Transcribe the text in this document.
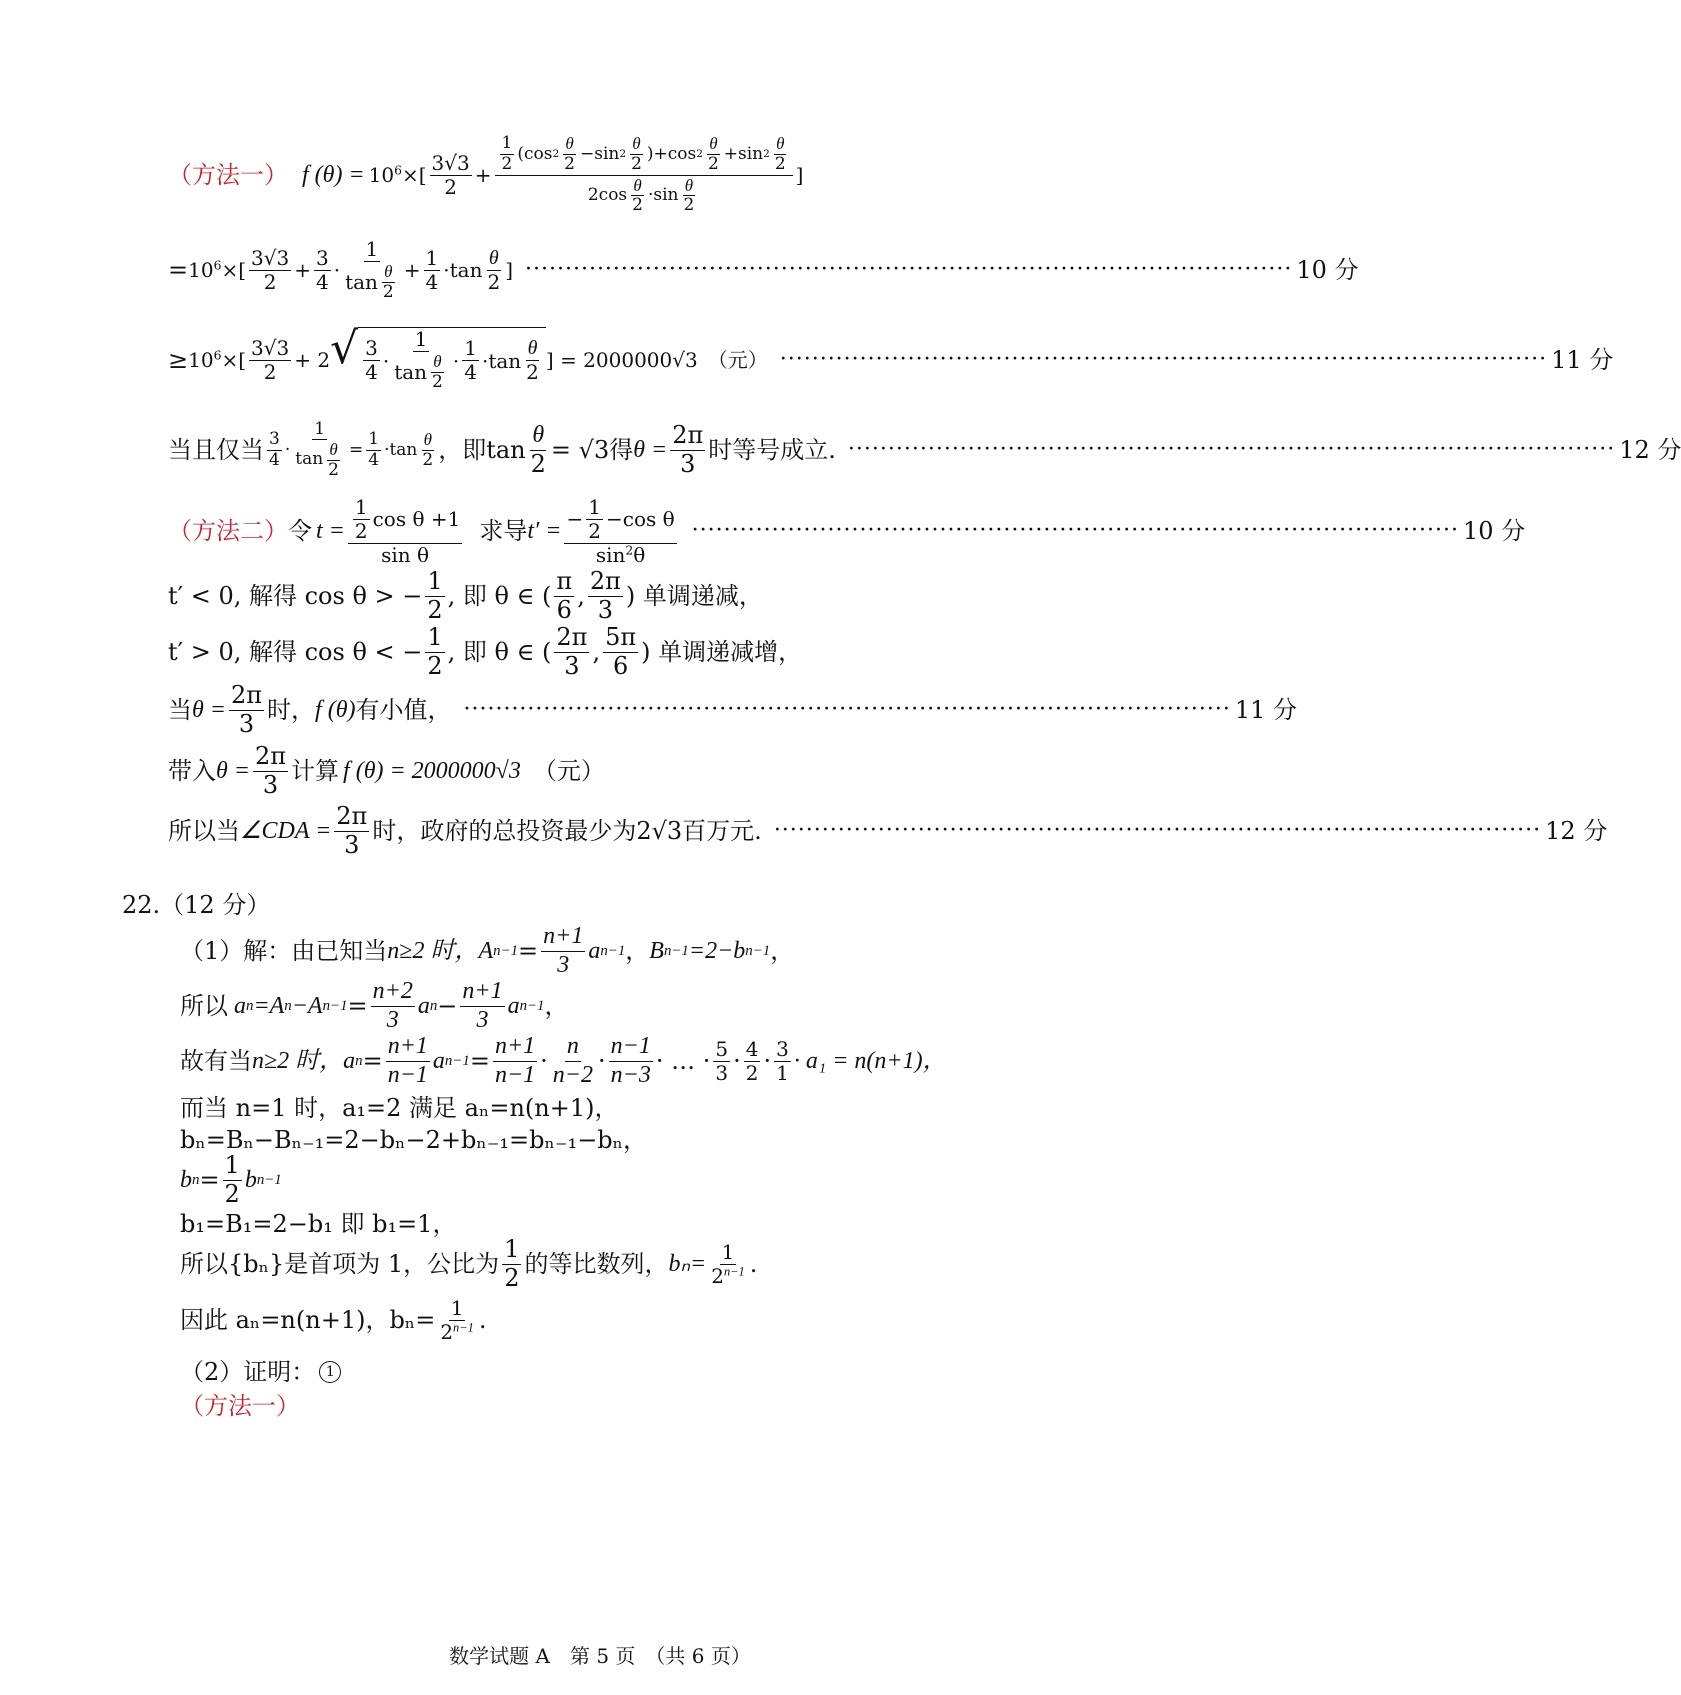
（方法一） f $(\theta) = 10^6$ ×[ $\frac{3√3}{2}$ +
$\frac{1}{2} (\cos$ $2 \frac{\theta}{2} -\sin$ $2 \frac{\theta}{2} )+\cos$ $2 \frac{\theta}{2} +\sin$ $2 \frac{\theta}{2}$
$2\cos \frac{\theta}{2} \cdot\sin \frac{\theta}{2}$
]
= $10^6$ ×[ $\frac{3√3}{2} + \frac{3}{4} \cdot \frac{1}{\tan \frac{\theta}{2}} + \frac{1}{4} \cdot \tan \frac{\theta}{2}$ ] ································································································ 10 分
≥ $10^6$ ×[ $\frac{3√3}{2} + 2$ √ $\frac{3}{4} \cdot \frac{1}{\tan \frac{\theta}{2}} \cdot \frac{1}{4} \cdot \tan \frac{\theta}{2}$ ] = 2000000√3 （元） ································································································ 11 分
当且仅当 $\frac{3}{4} \cdot \frac{1}{\tan \frac{\theta}{2}} = \frac{1}{4} \cdot \tan \frac{\theta}{2}$ ，即 $\tan \frac{\theta}{2} = √3$得 $\theta = \frac{2\pi}{3}$ 时等号成立. ································································································ 12 分
（方法二） 令 $t = \frac{\frac{1}{2} \cos \theta +1}{\text{sin θ}}$ 求导 $t' = \frac{- \frac{1}{2} -\cos \theta}{\sin^2\theta}$ ································································································ 10 分
t′ < 0, 解得 cos θ > − $\frac{1}{2}$ , 即 θ ∈ ( $\frac{\pi}{6}$ , $\frac{2\pi}{3}$ ) 单调递减，
t′ > 0, 解得 cos θ < − $\frac{1}{2}$ , 即 θ ∈ ( $\frac{2\pi}{3}$ , $\frac{5\pi}{6}$ ) 单调递减增，
当 $\theta = \frac{2\pi}{3}$ 时， f (θ) 有小值， ································································································ 11 分
带入 $\theta = \frac{2\pi}{3}$ 计算 f (θ) = 2000000√3 （元）
所以当 ∠CDA = $\frac{2\pi}{3}$ 时，政府的总投资最少为 2√3 百万元. ································································································ 12 分
22.（12 分）
（1）解：由已知当 n≥2 时， A $n-1 = \frac{n+1}{3}$ a n−1 ， B n−1 =2−b n−1 ，
所以 a n =A n −A $n-1 = \frac{n+2}{3}$ a $n - \frac{n+1}{3}$ a n−1 ，
故有当 n≥2 时， a $n = \frac{n+1}{n-1}$ a $n-1 = \frac{n+1}{n-1} \cdot \frac{n}{n-2} \cdot \frac{n-1}{n-3}$ · … · $\frac{5}{3} \cdot \frac{4}{2} \cdot \frac{3}{1} \cdot a_1 = n(n+1)$，
而当 n=1 时，a₁=2 满足 aₙ=n(n+1)，
bₙ=Bₙ−Bₙ₋₁=2−bₙ−2+bₙ₋₁=bₙ₋₁−bₙ，
b $n = \frac{1}{2}$ b n−1
b₁=B₁=2−b₁ 即 b₁=1，
所以{bₙ}是首项为 1，公比为 $\frac{1}{2}$ 的等比数列， $b_n= \frac{1}{2^{n-1}}$ .
因此 aₙ=n(n+1)，$b_n= \frac{1}{2^{n-1}}$ .
（2）证明： 1
（方法一）
数学试题 A　第 5 页　（共 6 页）
